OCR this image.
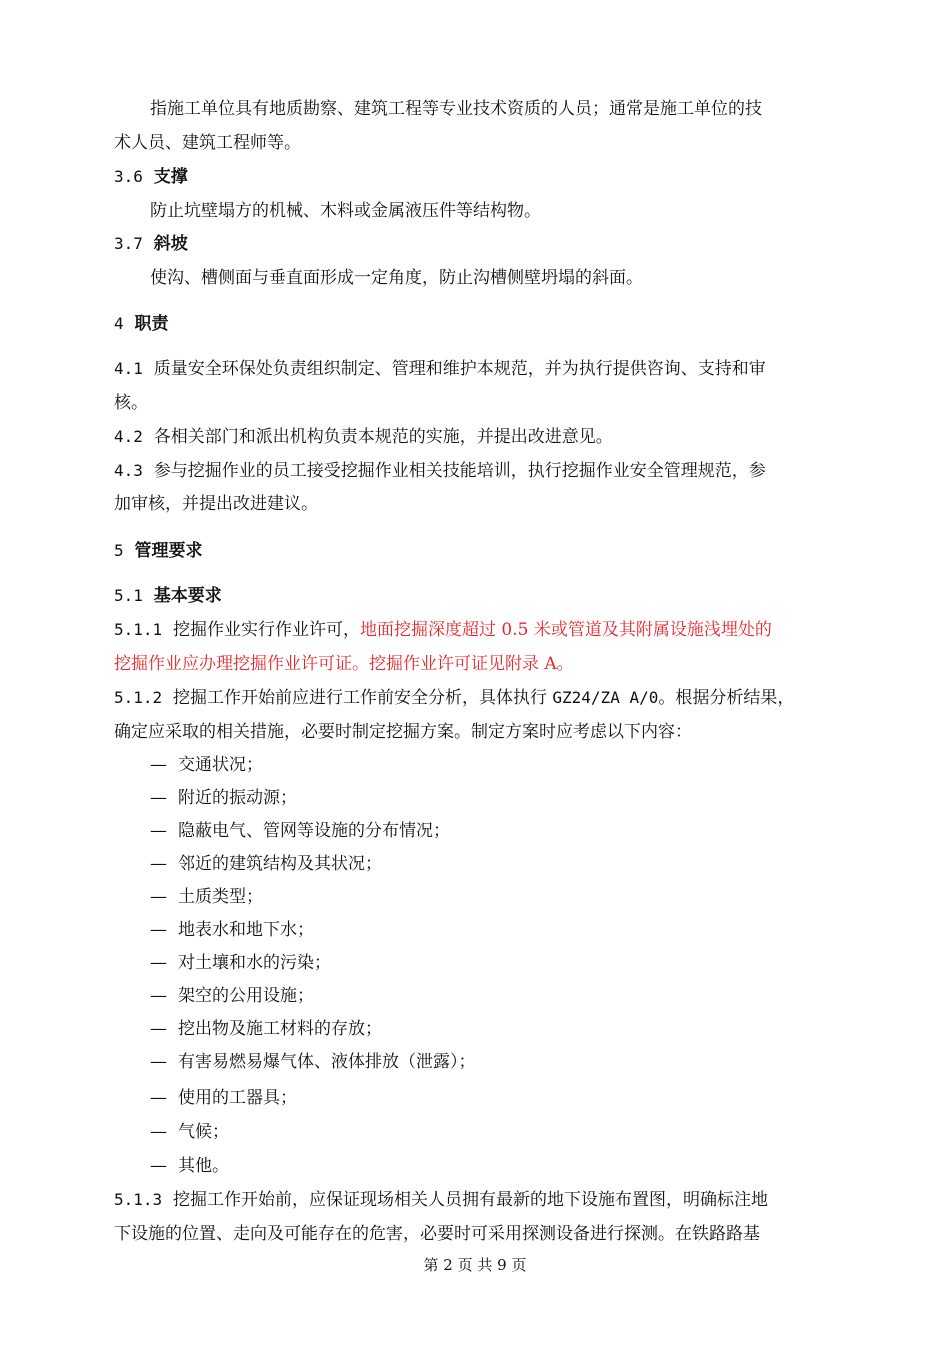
指施工单位具有地质勘察、建筑工程等专业技术资质的人员；通常是施工单位的技
术人员、建筑工程师等。
3.6 支撑
防止坑壁塌方的机械、木料或金属液压件等结构物。
3.7 斜坡
使沟、槽侧面与垂直面形成一定角度，防止沟槽侧壁坍塌的斜面。
4 职责
4.1 质量安全环保处负责组织制定、管理和维护本规范，并为执行提供咨询、支持和审
核。
4.2 各相关部门和派出机构负责本规范的实施，并提出改进意见。
4.3 参与挖掘作业的员工接受挖掘作业相关技能培训，执行挖掘作业安全管理规范，参
加审核，并提出改进建议。
5 管理要求
5.1 基本要求
5.1.1 挖掘作业实行作业许可，地面挖掘深度超过 0.5 米或管道及其附属设施浅埋处的
挖掘作业应办理挖掘作业许可证。挖掘作业许可证见附录 A。
5.1.2 挖掘工作开始前应进行工作前安全分析，具体执行 GZ24/ZA A/0。根据分析结果，
确定应采取的相关措施，必要时制定挖掘方案。制定方案时应考虑以下内容：
— 交通状况；
— 附近的振动源；
— 隐蔽电气、管网等设施的分布情况；
— 邻近的建筑结构及其状况；
— 土质类型；
— 地表水和地下水；
— 对土壤和水的污染；
— 架空的公用设施；
— 挖出物及施工材料的存放；
— 有害易燃易爆气体、液体排放（泄露）；
— 使用的工器具；
— 气候；
— 其他。
5.1.3 挖掘工作开始前，应保证现场相关人员拥有最新的地下设施布置图，明确标注地
下设施的位置、走向及可能存在的危害，必要时可采用探测设备进行探测。在铁路路基
第 2 页 共 9 页
